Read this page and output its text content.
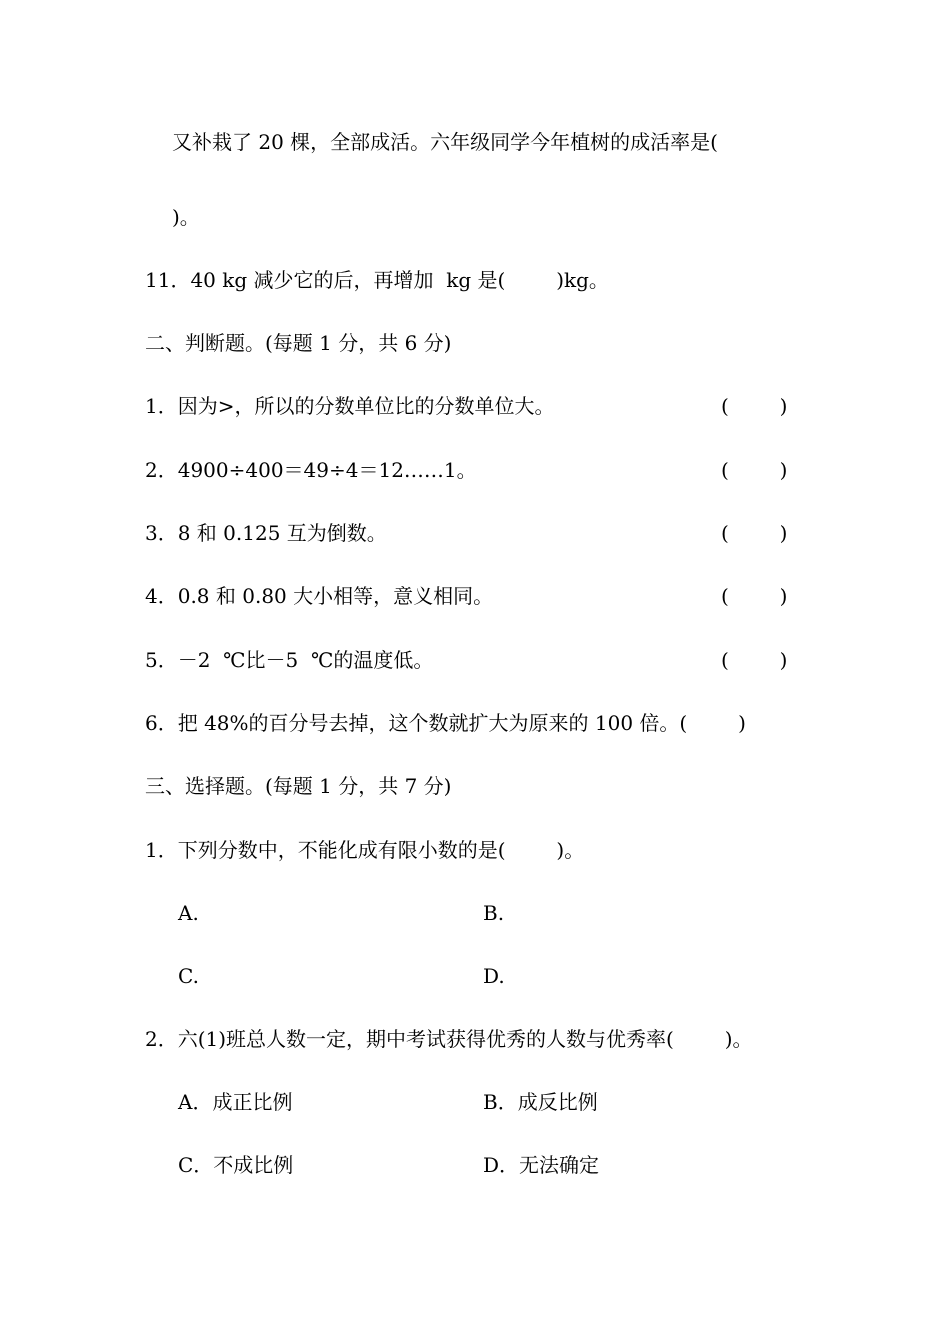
又补栽了 20 棵，全部成活。六年级同学今年植树的成活率是(
)。
11．40 kg 减少它的后，再增加  kg 是(        )kg。
二、判断题。(每题 1 分，共 6 分)
1．因为>，所以的分数单位比的分数单位大。	(        )
2．4900÷400＝49÷4＝12……1。	(        )
3．8 和 0.125 互为倒数。	(        )
4．0.8 和 0.80 大小相等，意义相同。	(        )
5．－2  ℃比－5  ℃的温度低。	(        )
6．把 48%的百分号去掉，这个数就扩大为原来的 100 倍。(        )
三、选择题。(每题 1 分，共 7 分)
1．下列分数中，不能化成有限小数的是(        )。
A.	B.
C.	D.
2．六(1)班总人数一定，期中考试获得优秀的人数与优秀率(        )。
A．成正比例	B．成反比例
C．不成比例	D．无法确定
